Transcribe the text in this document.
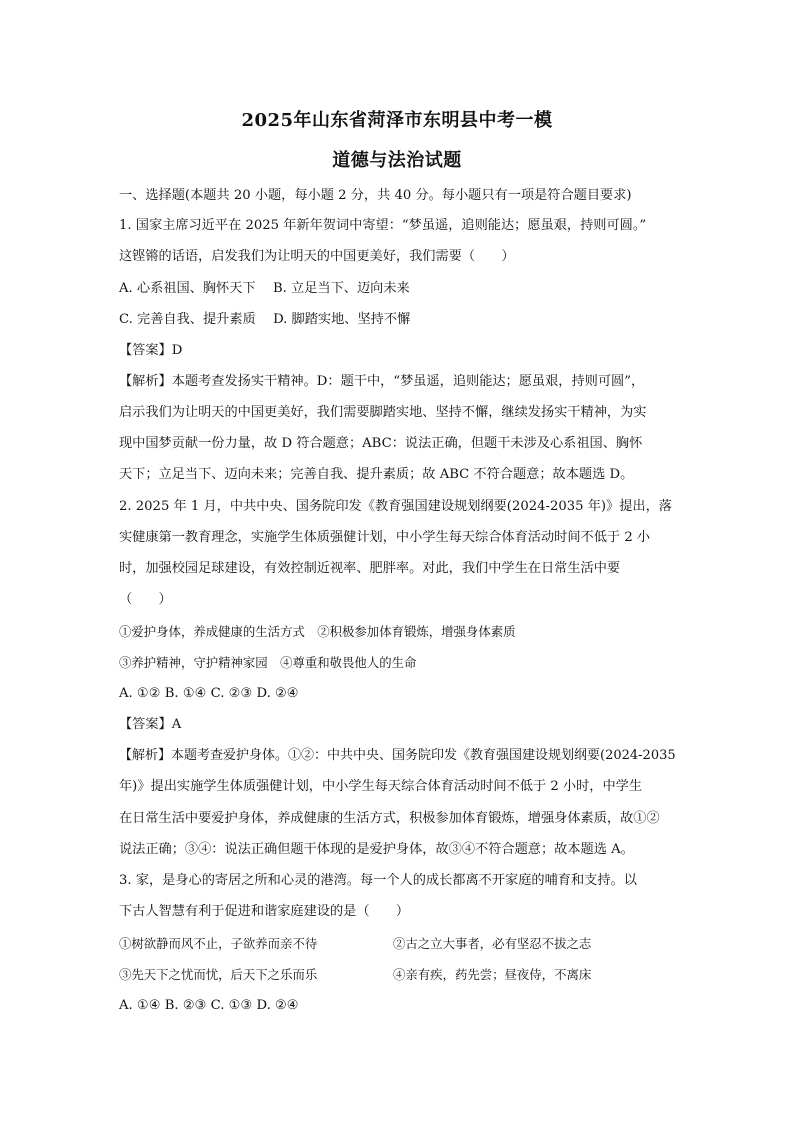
2025年山东省菏泽市东明县中考一模
道德与法治试题
一、选择题(本题共 20 小题，每小题 2 分，共 40 分。每小题只有一项是符合题目要求)
1. 国家主席习近平在 2025 年新年贺词中寄望：“梦虽遥，追则能达；愿虽艰，持则可圆。”
这铿锵的话语，启发我们为让明天的中国更美好，我们需要（　　）
A. 心系祖国、胸怀天下　 B. 立足当下、迈向未来
C. 完善自我、提升素质　 D. 脚踏实地、坚持不懈
【答案】D
【解析】本题考查发扬实干精神。D：题干中，“梦虽遥，追则能达；愿虽艰，持则可圆”，
启示我们为让明天的中国更美好，我们需要脚踏实地、坚持不懈，继续发扬实干精神，为实
现中国梦贡献一份力量，故 D 符合题意；ABC：说法正确，但题干未涉及心系祖国、胸怀
天下；立足当下、迈向未来；完善自我、提升素质；故 ABC 不符合题意；故本题选 D。
2. 2025 年 1 月，中共中央、国务院印发《教育强国建设规划纲要(2024-2035 年)》提出，落
实健康第一教育理念，实施学生体质强健计划，中小学生每天综合体育活动时间不低于 2 小
时，加强校园足球建设，有效控制近视率、肥胖率。对此，我们中学生在日常生活中要
（　　）
①爱护身体，养成健康的生活方式　②积极参加体育锻炼，增强身体素质
③养护精神，守护精神家园　④尊重和敬畏他人的生命
A. ①② B. ①④ C. ②③ D. ②④
【答案】A
【解析】本题考查爱护身体。①②：中共中央、国务院印发《教育强国建设规划纲要(2024-2035
年)》提出实施学生体质强健计划，中小学生每天综合体育活动时间不低于 2 小时，中学生
在日常生活中要爱护身体，养成健康的生活方式，积极参加体育锻炼，增强身体素质，故①②
说法正确；③④：说法正确但题干体现的是爱护身体，故③④不符合题意；故本题选 A。
3. 家，是身心的寄居之所和心灵的港湾。每一个人的成长都离不开家庭的哺育和支持。以
下古人智慧有利于促进和谐家庭建设的是（　　）
①树欲静而风不止，子欲养而亲不待	②古之立大事者，必有坚忍不拔之志
③先天下之忧而忧，后天下之乐而乐	④亲有疾，药先尝；昼夜侍，不离床
A. ①④ B. ②③ C. ①③ D. ②④
